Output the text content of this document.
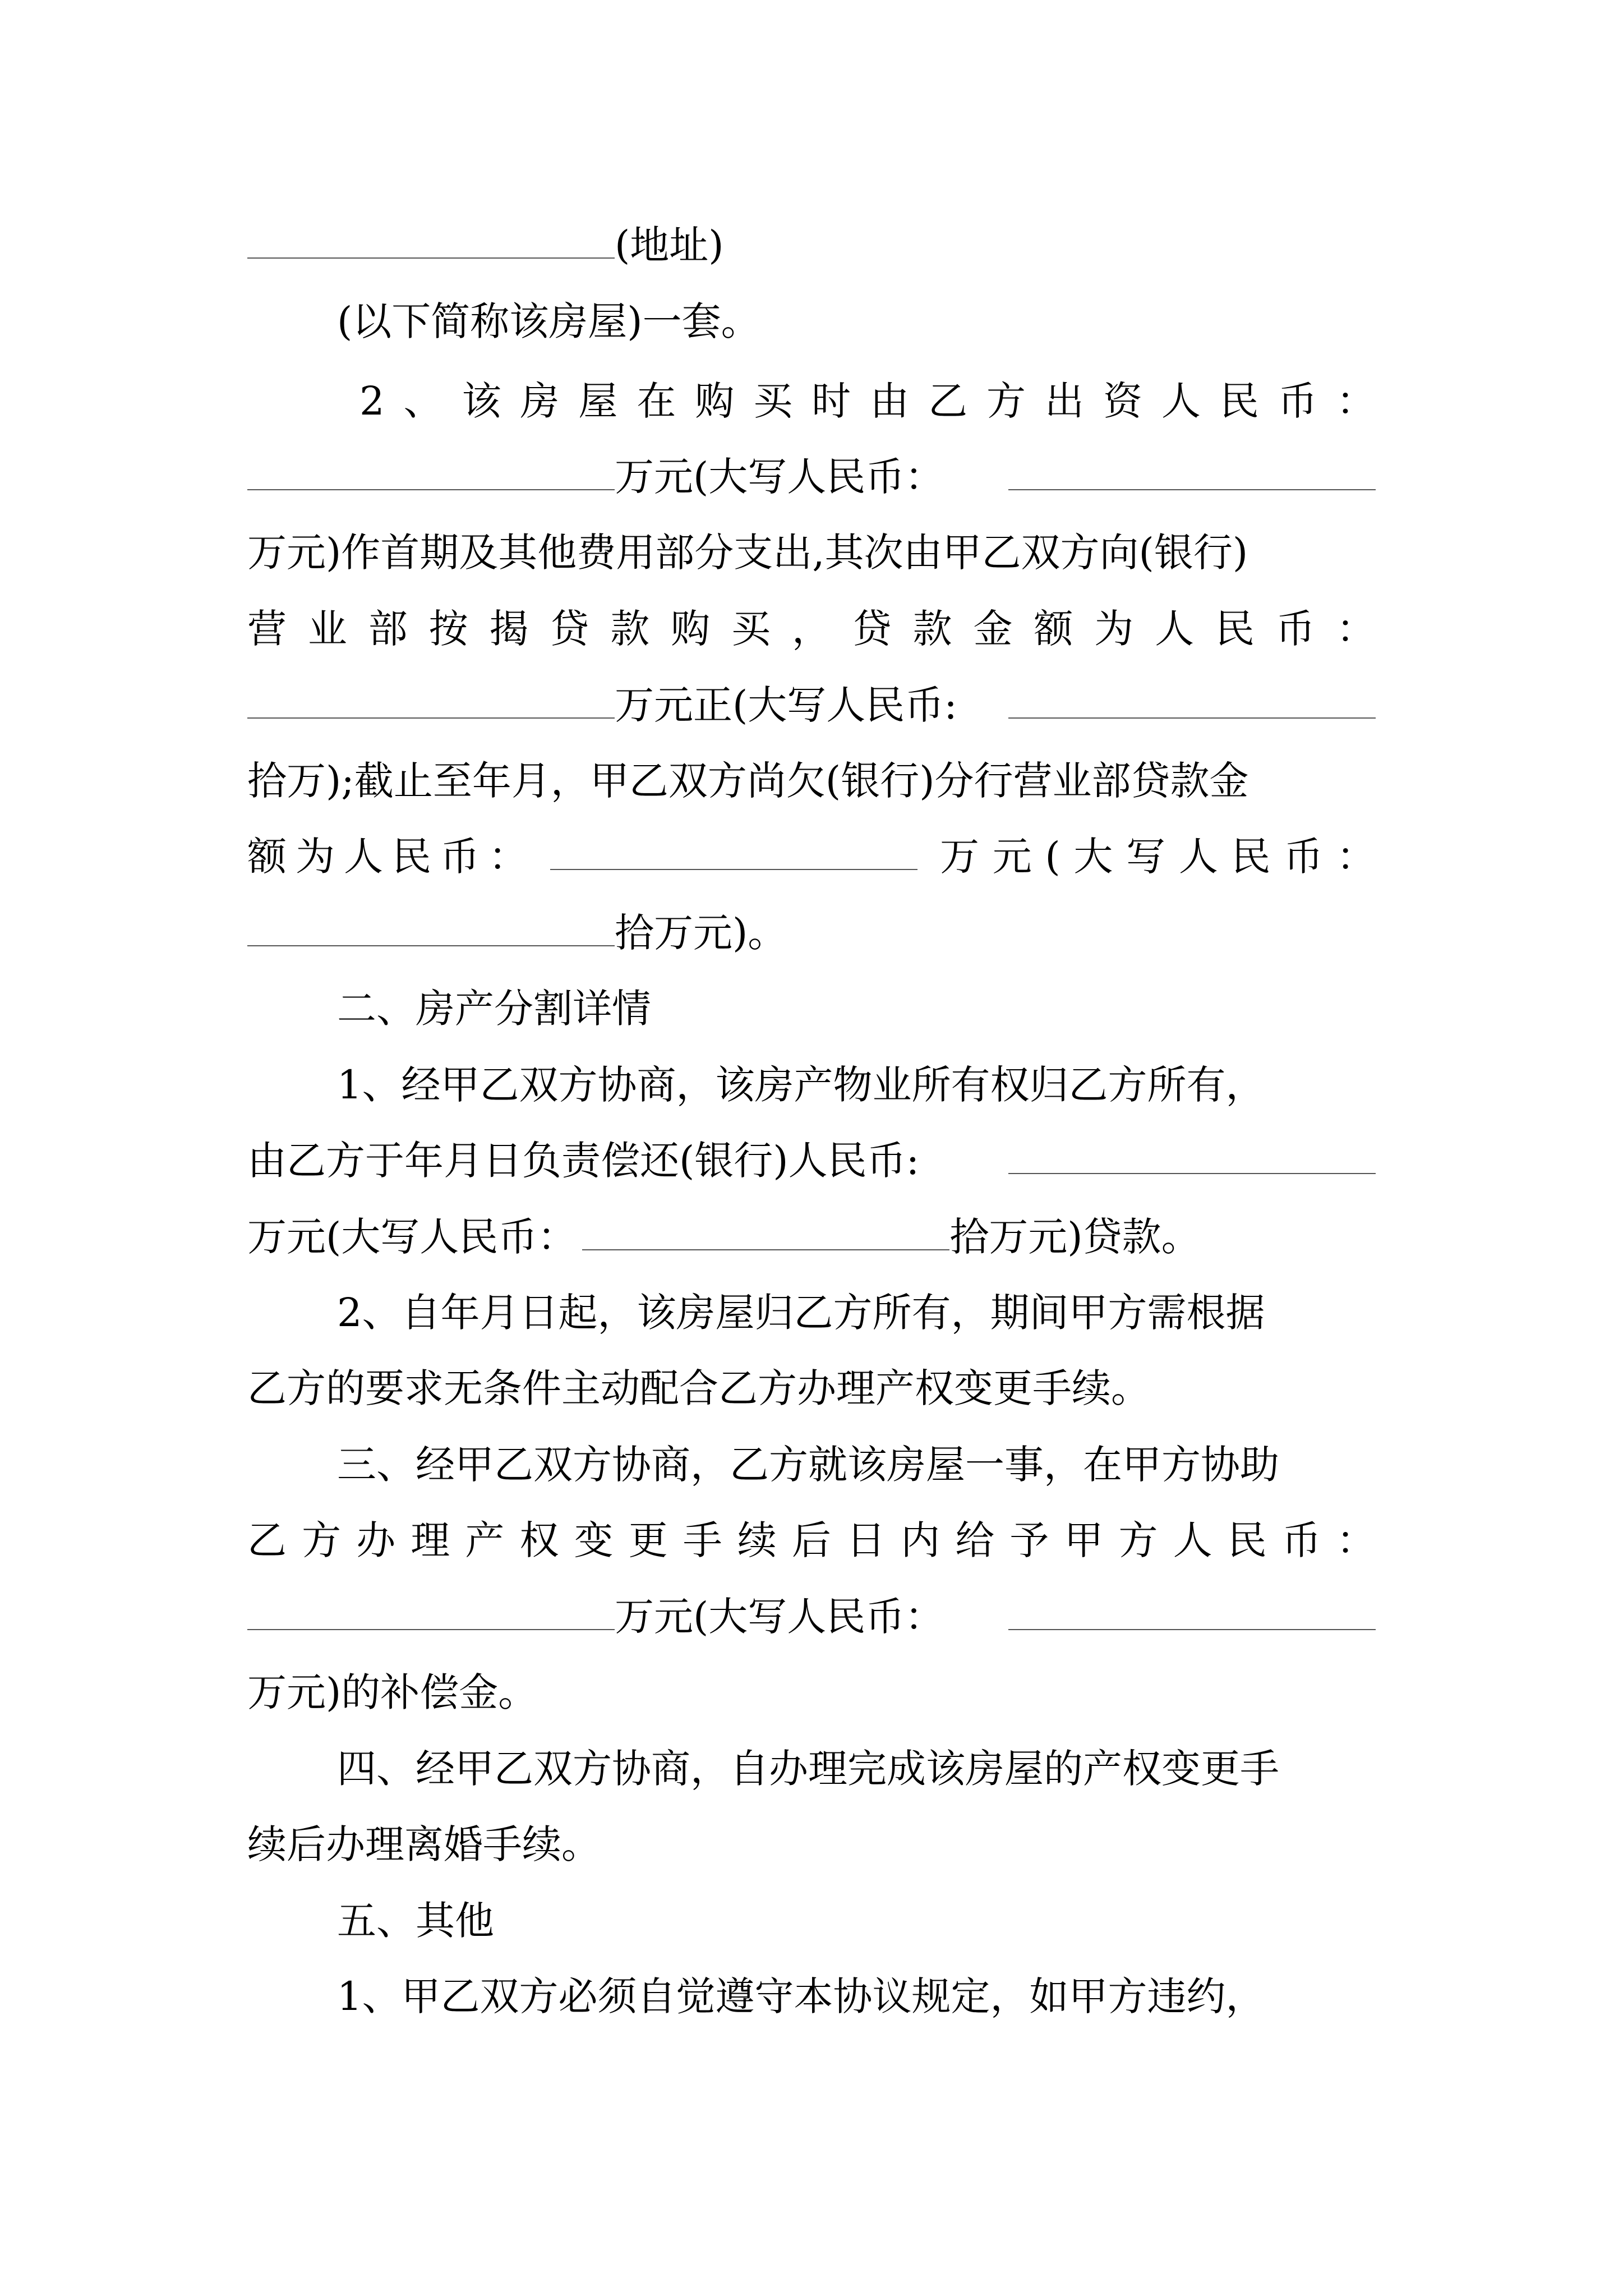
(地址)
(以下简称该房屋)一套。
2 、 该 房 屋 在 购 买 时 由 乙 方 出 资 人 民 币 ：
万元(大写人民币：
万元)作首期及其他费用部分支出,其次由甲乙双方向(银行)
营 业 部 按 揭 贷 款 购 买 ， 贷 款 金 额 为 人 民 币 ：
万元正(大写人民币:
拾万);截止至年月，甲乙双方尚欠(银行)分行营业部贷款金
额 为 人 民 币 ：	万 元 ( 大 写 人 民 币 ：
拾万元)。
二、房产分割详情
1、经甲乙双方协商，该房产物业所有权归乙方所有，
由乙方于年月日负责偿还(银行)人民币:
万元(大写人民币：	拾万元)贷款。
2、自年月日起，该房屋归乙方所有，期间甲方需根据
乙方的要求无条件主动配合乙方办理产权变更手续。
三、经甲乙双方协商，乙方就该房屋一事，在甲方协助
乙 方 办 理 产 权 变 更 手 续 后 日 内 给 予 甲 方 人 民 币 ：
万元(大写人民币：
万元)的补偿金。
四、经甲乙双方协商，自办理完成该房屋的产权变更手
续后办理离婚手续。
五、其他
1、甲乙双方必须自觉遵守本协议规定，如甲方违约，
